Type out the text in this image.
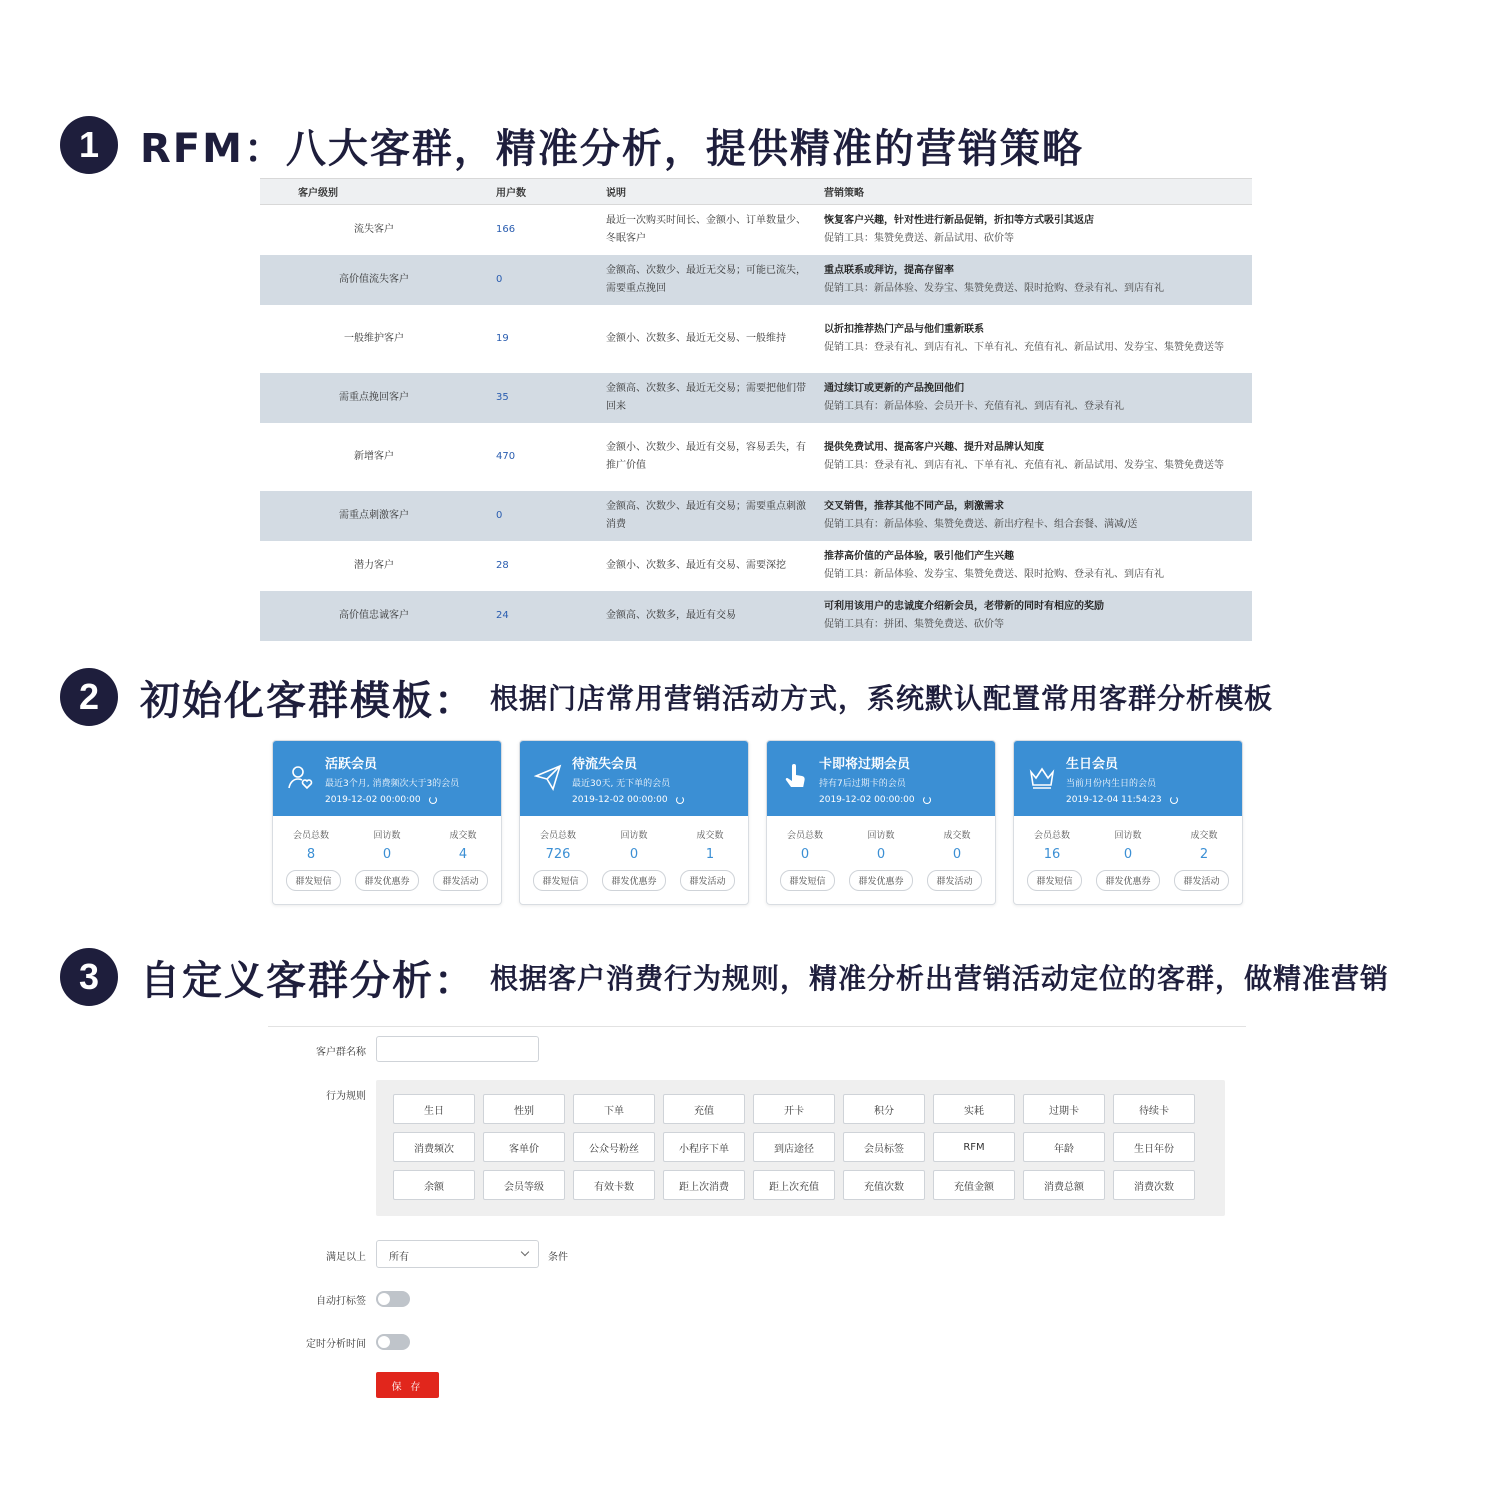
1	RFM：八大客群，精准分析，提供精准的营销策略
客户级别	用户数	说明	营销策略
流失客户	166	最近一次购买时间长、金额小、订单数量少、冬眠客户	恢复客户兴趣，针对性进行新品促销，折扣等方式吸引其返店
促销工具：集赞免费送、新品试用、砍价等

高价值流失客户	0	金额高、次数少、最近无交易；可能已流失，需要重点挽回	重点联系或拜访，提高存留率
促销工具：新品体验、发券宝、集赞免费送、限时抢购、登录有礼、到店有礼

一般维护客户	19	金额小、次数多、最近无交易、一般维持	以折扣推荐热门产品与他们重新联系
促销工具：登录有礼、到店有礼、下单有礼、充值有礼、新品试用、发券宝、集赞免费送等

需重点挽回客户	35	金额高、次数多、最近无交易；需要把他们带回来	通过续订或更新的产品挽回他们
促销工具有：新品体验、会员开卡、充值有礼、到店有礼、登录有礼

新增客户	470	金额小、次数少、最近有交易，容易丢失，有推广价值	提供免费试用、提高客户兴趣、提升对品牌认知度
促销工具：登录有礼、到店有礼、下单有礼、充值有礼、新品试用、发券宝、集赞免费送等

需重点刺激客户	0	金额高、次数少、最近有交易；需要重点刺激消费	交叉销售，推荐其他不同产品，刺激需求
促销工具有：新品体验、集赞免费送、新出疗程卡、组合套餐、满减/送

潜力客户	28	金额小、次数多、最近有交易、需要深挖	推荐高价值的产品体验，吸引他们产生兴趣
促销工具：新品体验、发券宝、集赞免费送、限时抢购、登录有礼、到店有礼

高价值忠诚客户	24	金额高、次数多，最近有交易	可利用该用户的忠诚度介绍新会员，老带新的同时有相应的奖励
促销工具有：拼团、集赞免费送、砍价等
2	初始化客群模板： 根据门店常用营销活动方式，系统默认配置常用客群分析模板
活跃会员
最近3个月, 消费频次大于3的会员
2019-12-02 00:00:00
会员总数
8
回访数
0
成交数
4
群发短信	群发优惠券	群发活动
待流失会员
最近30天, 无下单的会员
2019-12-02 00:00:00
会员总数
726
回访数
0
成交数
1
群发短信	群发优惠券	群发活动
卡即将过期会员
持有7后过期卡的会员
2019-12-02 00:00:00
会员总数
0
回访数
0
成交数
0
群发短信	群发优惠券	群发活动
生日会员
当前月份内生日的会员
2019-12-04 11:54:23
会员总数
16
回访数
0
成交数
2
群发短信	群发优惠券	群发活动
3	自定义客群分析： 根据客户消费行为规则，精准分析出营销活动定位的客群，做精准营销
客户群名称
行为规则
生日	性别	下单	充值	开卡	积分	实耗	过期卡	待续卡
消费频次	客单价	公众号粉丝	小程序下单	到店途径	会员标签	RFM	年龄	生日年份
余额	会员等级	有效卡数	距上次消费	距上次充值	充值次数	充值金额	消费总额	消费次数
满足以上	所有	条件
自动打标签
定时分析时间
保 存
